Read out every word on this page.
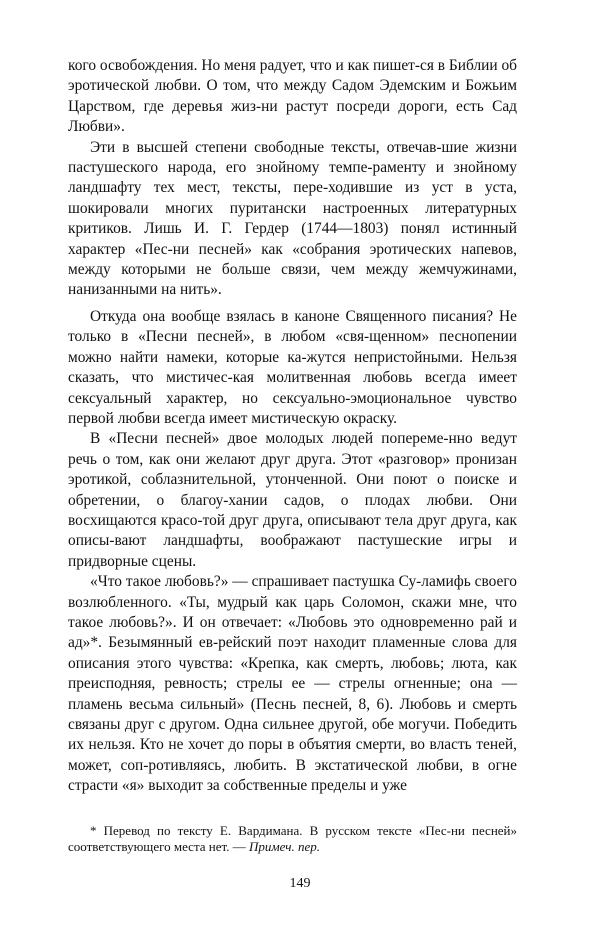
кого освобождения. Но меня радует, что и как пишет-ся в Библии об эротической любви. О том, что между Садом Эдемским и Божьим Царством, где деревья жиз-ни растут посреди дороги, есть Сад Любви».

Эти в высшей степени свободные тексты, отвечав-шие жизни пастушеского народа, его знойному темпе-раменту и знойному ландшафту тех мест, тексты, пере-ходившие из уст в уста, шокировали многих пуритански настроенных литературных критиков. Лишь И. Г. Гердер (1744—1803) понял истинный характер «Пес-ни песней» как «собрания эротических напевов, между которыми не больше связи, чем между жемчужинами, нанизанными на нить».

Откуда она вообще взялась в каноне Священного писания? Не только в «Песни песней», в любом «свя-щенном» песнопении можно найти намеки, которые ка-жутся непристойными. Нельзя сказать, что мистичес-кая молитвенная любовь всегда имеет сексуальный характер, но сексуально-эмоциональное чувство первой любви всегда имеет мистическую окраску.

В «Песни песней» двое молодых людей попереме-нно ведут речь о том, как они желают друг друга. Этот «разговор» пронизан эротикой, соблазнительной, утонченной. Они поют о поиске и обретении, о благоу-хании садов, о плодах любви. Они восхищаются красо-той друг друга, описывают тела друг друга, как описы-вают ландшафты, воображают пастушеские игры и придворные сцены.

«Что такое любовь?» — спрашивает пастушка Су-ламифь своего возлюбленного. «Ты, мудрый как царь Соломон, скажи мне, что такое любовь?». И он отвечает: «Любовь это одновременно рай и ад»*. Безымянный ев-рейский поэт находит пламенные слова для описания этого чувства: «Крепка, как смерть, любовь; люта, как преисподняя, ревность; стрелы ее — стрелы огненные; она — пламень весьма сильный» (Песнь песней, 8, 6). Любовь и смерть связаны друг с другом. Одна сильнее другой, обе могучи. Победить их нельзя. Кто не хочет до поры в объятия смерти, во власть теней, может, соп-ротивляясь, любить. В экстатической любви, в огне страсти «я» выходит за собственные пределы и уже

* Перевод по тексту Е. Вардимана. В русском тексте «Пес-ни песней» соответствующего места нет. — Примеч. пер.

149
